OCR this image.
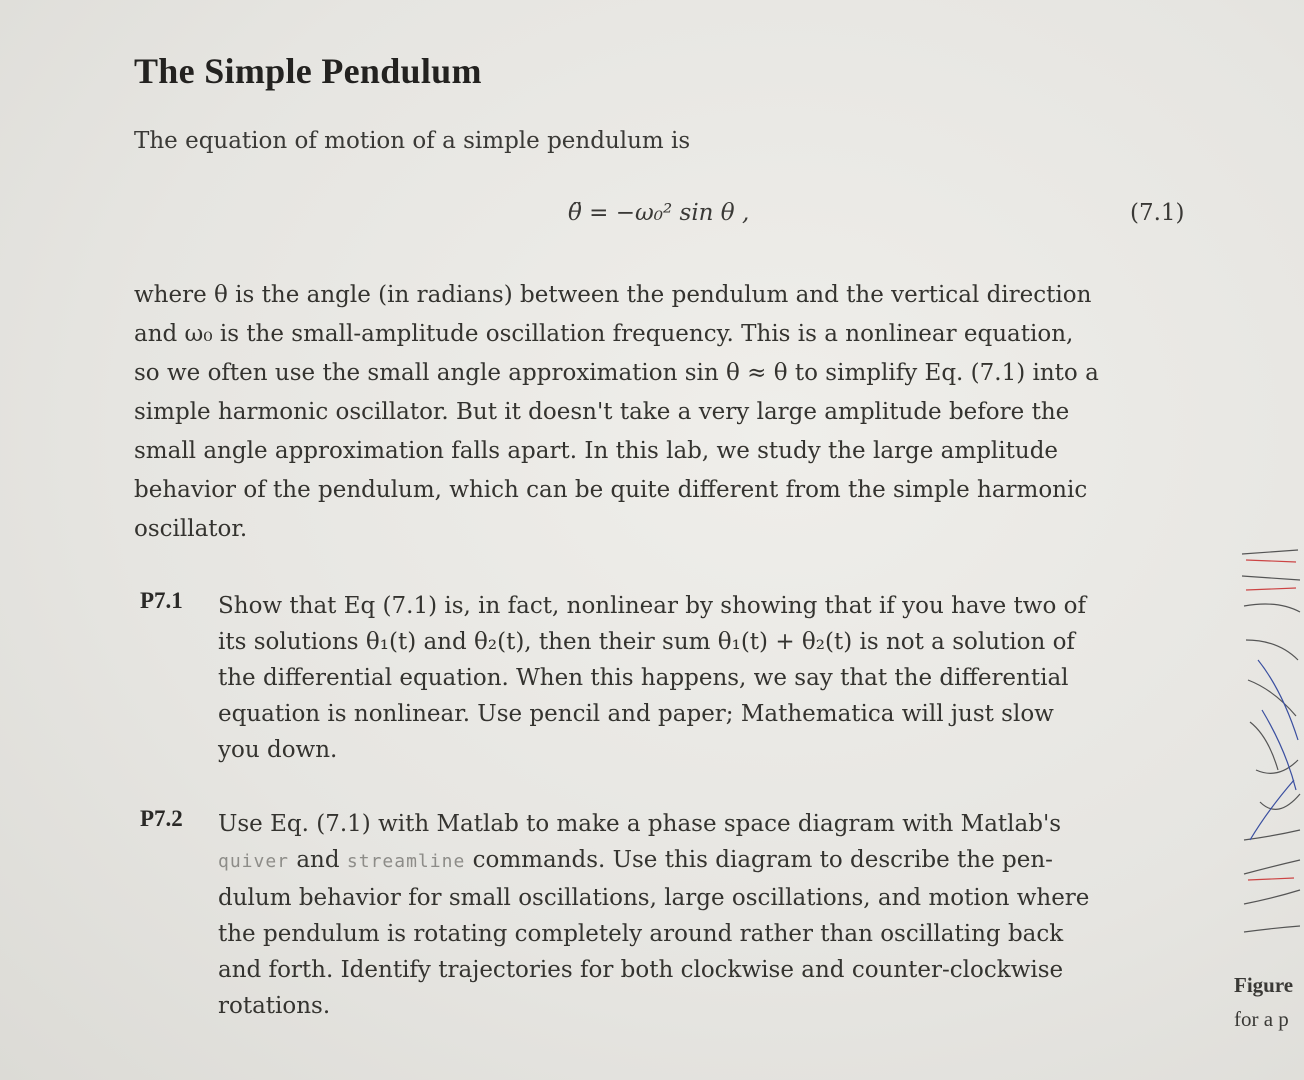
The Simple Pendulum
The equation of motion of a simple pendulum is
θ̈ = −ω₀² sin θ ,	(7.1)
where θ is the angle (in radians) between the pendulum and the vertical direction
and ω₀ is the small-amplitude oscillation frequency. This is a nonlinear equation,
so we often use the small angle approximation sin θ ≈ θ to simplify Eq. (7.1) into a
simple harmonic oscillator. But it doesn't take a very large amplitude before the
small angle approximation falls apart. In this lab, we study the large amplitude
behavior of the pendulum, which can be quite different from the simple harmonic
oscillator.
P7.1 Show that Eq (7.1) is, in fact, nonlinear by showing that if you have two of
its solutions θ₁(t) and θ₂(t), then their sum θ₁(t) + θ₂(t) is not a solution of
the differential equation. When this happens, we say that the differential
equation is nonlinear. Use pencil and paper; Mathematica will just slow
you down.
P7.2 Use Eq. (7.1) with Matlab to make a phase space diagram with Matlab's
quiver and streamline commands. Use this diagram to describe the pen-
dulum behavior for small oscillations, large oscillations, and motion where
the pendulum is rotating completely around rather than oscillating back
and forth. Identify trajectories for both clockwise and counter-clockwise
rotations.
Figure
for a p
